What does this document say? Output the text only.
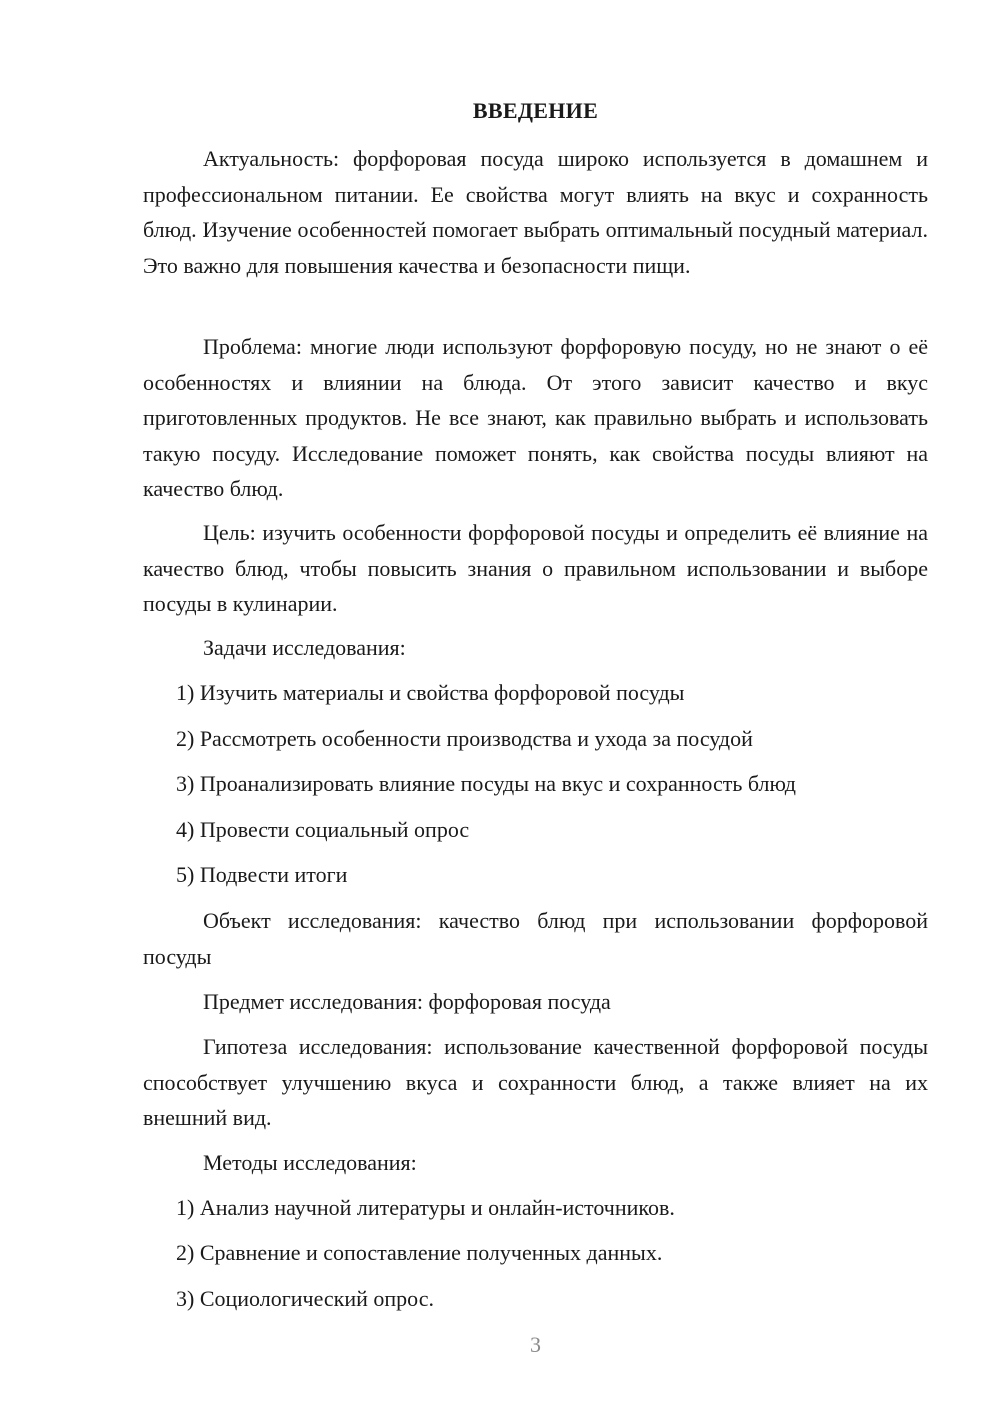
ВВЕДЕНИЕ

Актуальность: форфоровая посуда широко используется в домашнем и профессиональном питании. Ее свойства могут влиять на вкус и сохранность блюд. Изучение особенностей помогает выбрать оптимальный посудный материал. Это важно для повышения качества и безопасности пищи.

Проблема: многие люди используют форфоровую посуду, но не знают о её особенностях и влиянии на блюда. От этого зависит качество и вкус приготовленных продуктов. Не все знают, как правильно выбрать и использовать такую посуду. Исследование поможет понять, как свойства посуды влияют на качество блюд.

Цель: изучить особенности форфоровой посуды и определить её влияние на качество блюд, чтобы повысить знания о правильном использовании и выборе посуды в кулинарии.

Задачи исследования:
1) Изучить материалы и свойства форфоровой посуды
2) Рассмотреть особенности производства и ухода за посудой
3) Проанализировать влияние посуды на вкус и сохранность блюд
4) Провести социальный опрос
5) Подвести итоги

Объект исследования: качество блюд при использовании форфоровой посуды

Предмет исследования: форфоровая посуда

Гипотеза исследования: использование качественной форфоровой посуды способствует улучшению вкуса и сохранности блюд, а также влияет на их внешний вид.

Методы исследования:
1) Анализ научной литературы и онлайн-источников.
2) Сравнение и сопоставление полученных данных.
3) Социологический опрос.
3
